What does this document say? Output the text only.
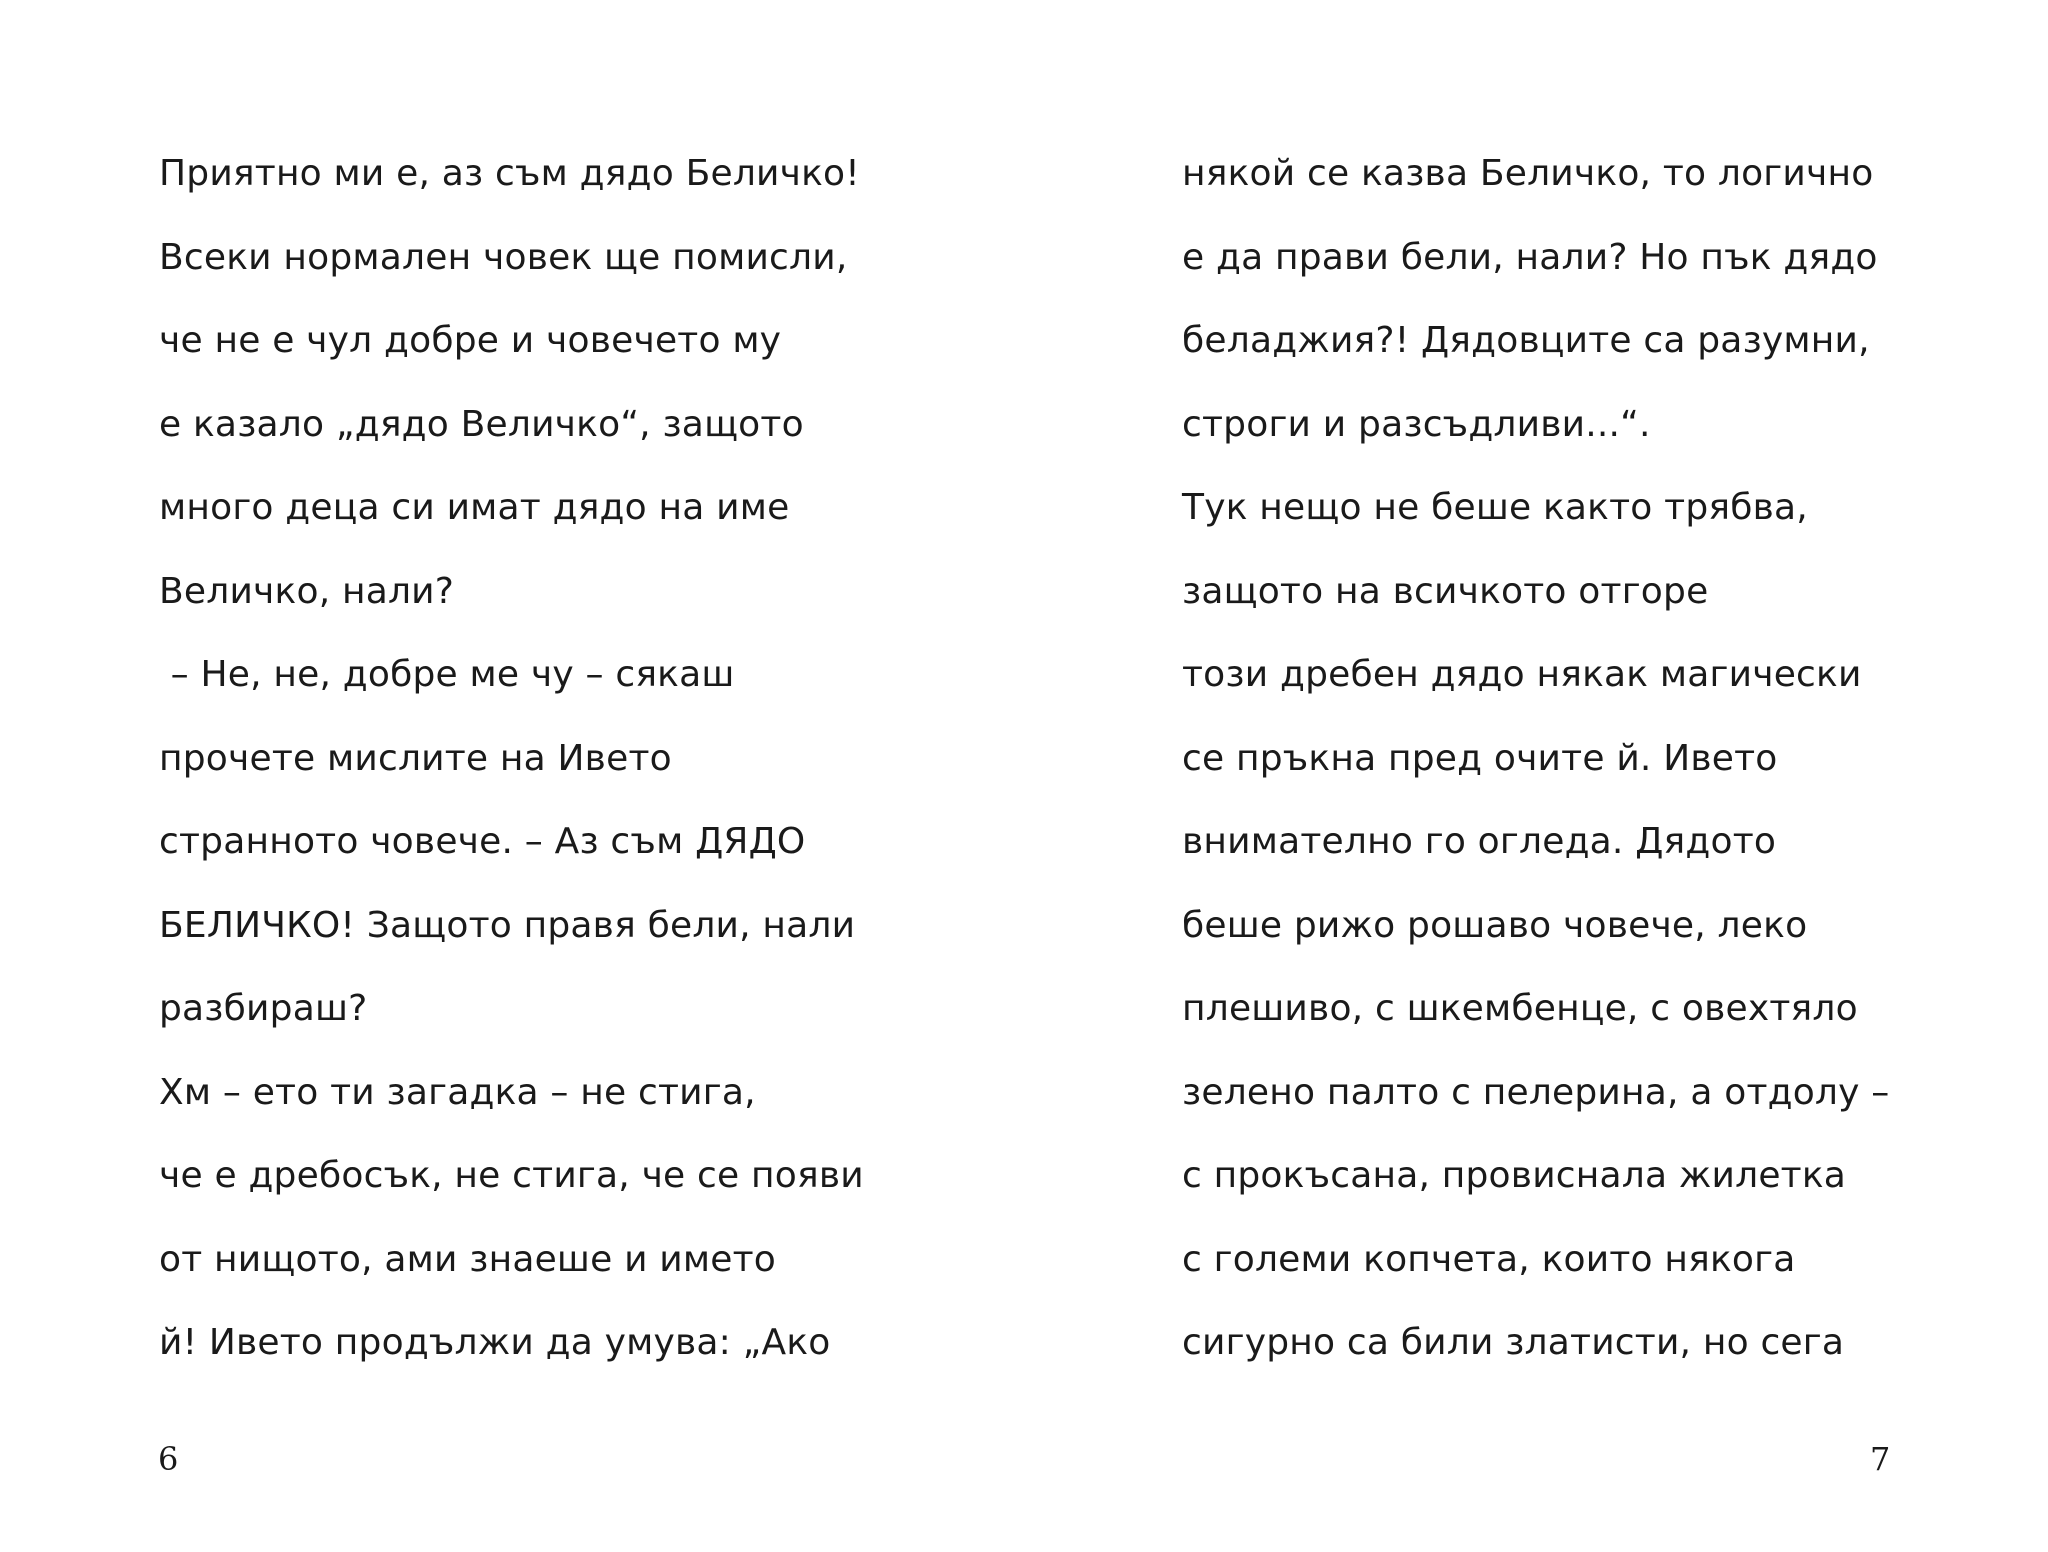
Приятно ми е, аз съм дядо Беличко!
Всеки нормален човек ще помисли,
че не е чул добре и човечето му
е казало „дядо Величко“, защото
много деца си имат дядо на име
Величко, нали?
– Не, не, добре ме чу – сякаш
прочете мислите на Ивето
странното човече. – Аз съм ДЯДО
БЕЛИЧКО! Защото правя бели, нали
разбираш?
Хм – ето ти загадка – не стига,
че е дребосък, не стига, че се появи
от нищото, ами знаеше и името
й! Ивето продължи да умува: „Ако
някой се казва Беличко, то логично
е да прави бели, нали? Но пък дядо
беладжия?! Дядовците са разумни,
строги и разсъдливи...“.
Тук нещо не беше както трябва,
защото на всичкото отгоре
този дребен дядо някак магически
се пръкна пред очите й. Ивето
внимателно го огледа. Дядото
беше рижо рошаво човече, леко
плешиво, с шкембенце, с овехтяло
зелено палто с пелерина, а отдолу –
с прокъсана, провиснала жилетка
с големи копчета, които някога
сигурно са били златисти, но сега
6	7
